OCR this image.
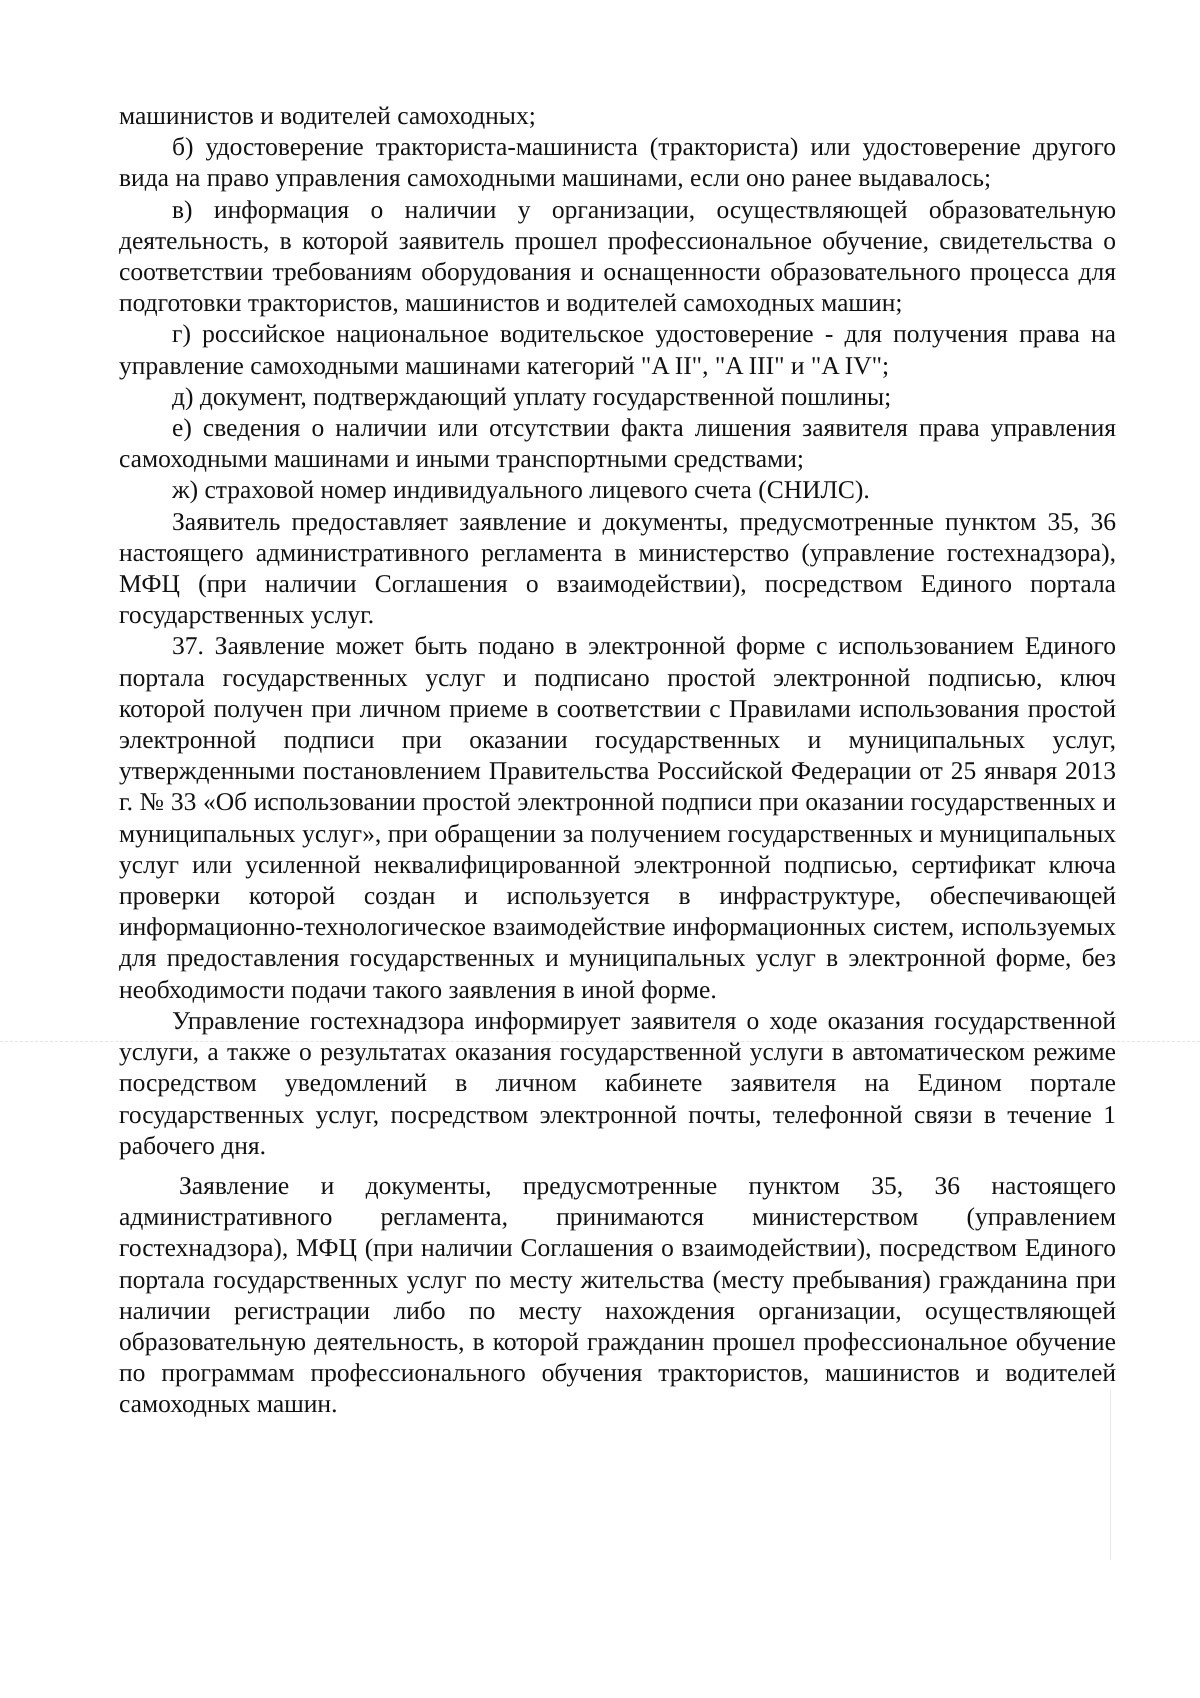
машинистов и водителей самоходных;

б) удостоверение тракториста-машиниста (тракториста) или удостоверение другого вида на право управления самоходными машинами, если оно ранее выдавалось;

в) информация о наличии у организации, осуществляющей образовательную деятельность, в которой заявитель прошел профессиональное обучение, свидетельства о соответствии требованиям оборудования и оснащенности образовательного процесса для подготовки трактористов, машинистов и водителей самоходных машин;

г) российское национальное водительское удостоверение - для получения права на управление самоходными машинами категорий "A II", "A III" и "A IV";

д) документ, подтверждающий уплату государственной пошлины;

е) сведения о наличии или отсутствии факта лишения заявителя права управления самоходными машинами и иными транспортными средствами;

ж) страховой номер индивидуального лицевого счета (СНИЛС).

Заявитель предоставляет заявление и документы, предусмотренные пунктом 35, 36 настоящего административного регламента в министерство (управление гостехнадзора), МФЦ (при наличии Соглашения о взаимодействии), посредством Единого портала государственных услуг.

37. Заявление может быть подано в электронной форме с использованием Единого портала государственных услуг и подписано простой электронной подписью, ключ которой получен при личном приеме в соответствии с Правилами использования простой электронной подписи при оказании государственных и муниципальных услуг, утвержденными постановлением Правительства Российской Федерации от 25 января 2013 г. № 33 «Об использовании простой электронной подписи при оказании государственных и муниципальных услуг», при обращении за получением государственных и муниципальных услуг или усиленной неквалифицированной электронной подписью, сертификат ключа проверки которой создан и используется в инфраструктуре, обеспечивающей информационно-технологическое взаимодействие информационных систем, используемых для предоставления государственных и муниципальных услуг в электронной форме, без необходимости подачи такого заявления в иной форме.

Управление гостехнадзора информирует заявителя о ходе оказания государственной услуги, а также о результатах оказания государственной услуги в автоматическом режиме посредством уведомлений в личном кабинете заявителя на Едином портале государственных услуг, посредством электронной почты, телефонной связи в течение 1 рабочего дня.

Заявление и документы, предусмотренные пунктом 35, 36 настоящего административного регламента, принимаются министерством (управлением гостехнадзора), МФЦ (при наличии Соглашения о взаимодействии), посредством Единого портала государственных услуг по месту жительства (месту пребывания) гражданина при наличии регистрации либо по месту нахождения организации, осуществляющей образовательную деятельность, в которой гражданин прошел профессиональное обучение по программам профессионального обучения трактористов, машинистов и водителей самоходных машин.
